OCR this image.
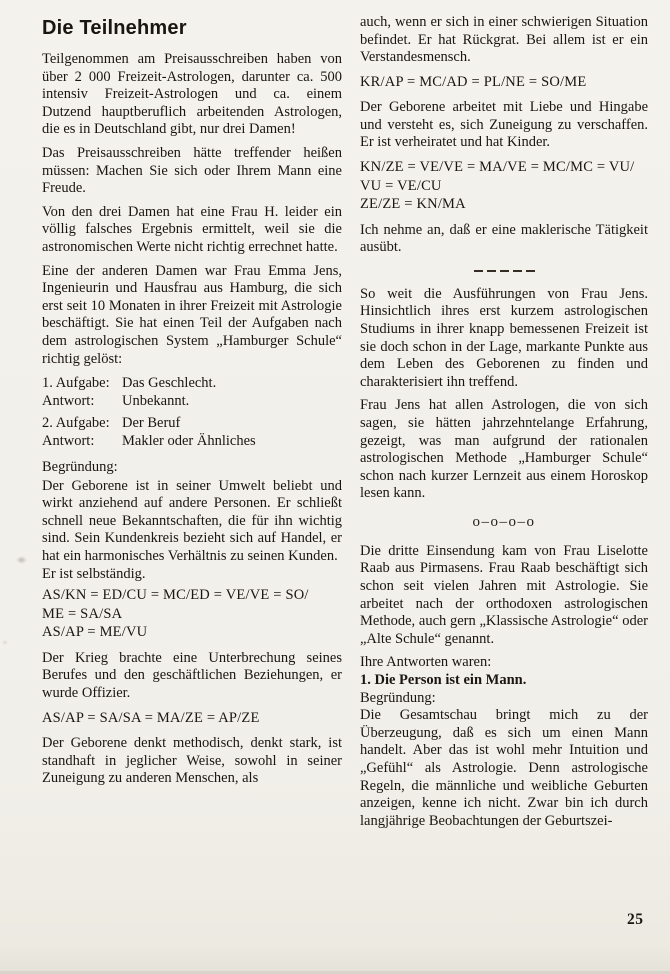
Die Teilnehmer

Teilgenommen am Preisausschreiben haben von über 2 000 Freizeit-Astrologen, darunter ca. 500 intensiv Freizeit-Astrologen und ca. einem Dutzend hauptberuflich arbeitenden Astrologen, die es in Deutschland gibt, nur drei Damen!

Das Preisausschreiben hätte treffender heißen müssen: Machen Sie sich oder Ihrem Mann eine Freude.

Von den drei Damen hat eine Frau H. leider ein völlig falsches Ergebnis ermittelt, weil sie die astronomischen Werte nicht richtig errechnet hatte.

Eine der anderen Damen war Frau Emma Jens, Ingenieurin und Hausfrau aus Hamburg, die sich erst seit 10 Monaten in ihrer Freizeit mit Astrologie beschäftigt. Sie hat einen Teil der Aufgaben nach dem astrologischen System „Hamburger Schule“ richtig gelöst:

1. Aufgabe: Das Geschlecht.
Antwort:	Unbekannt.
2. Aufgabe: Der Beruf
Antwort:	Makler oder Ähnliches

Begründung:

Der Geborene ist in seiner Umwelt beliebt und wirkt anziehend auf andere Personen. Er schließt schnell neue Bekanntschaften, die für ihn wichtig sind. Sein Kundenkreis bezieht sich auf Handel, er hat ein harmonisches Verhältnis zu seinen Kunden.

Er ist selbständig.

AS/KN = ED/CU = MC/ED = VE/VE = SO/
ME = SA/SA
AS/AP = ME/VU

Der Krieg brachte eine Unterbrechung seines Berufes und den geschäftlichen Beziehungen, er wurde Offizier.

AS/AP = SA/SA = MA/ZE = AP/ZE

Der Geborene denkt methodisch, denkt stark, ist standhaft in jeglicher Weise, sowohl in seiner Zuneigung zu anderen Menschen, als

auch, wenn er sich in einer schwierigen Situation befindet. Er hat Rückgrat. Bei allem ist er ein Verstandesmensch.

KR/AP = MC/AD = PL/NE = SO/ME

Der Geborene arbeitet mit Liebe und Hingabe und versteht es, sich Zuneigung zu verschaffen. Er ist verheiratet und hat Kinder.

KN/ZE = VE/VE = MA/VE = MC/MC = VU/
VU = VE/CU
ZE/ZE = KN/MA

Ich nehme an, daß er eine maklerische Tätigkeit ausübt.

So weit die Ausführungen von Frau Jens. Hinsichtlich ihres erst kurzem astrologischen Studiums in ihrer knapp bemessenen Freizeit ist sie doch schon in der Lage, markante Punkte aus dem Leben des Geborenen zu finden und charakterisiert ihn treffend.

Frau Jens hat allen Astrologen, die von sich sagen, sie hätten jahrzehntelange Erfahrung, gezeigt, was man aufgrund der rationalen astrologischen Methode „Hamburger Schule“ schon nach kurzer Lernzeit aus einem Horoskop lesen kann.

o–o–o–o

Die dritte Einsendung kam von Frau Liselotte Raab aus Pirmasens. Frau Raab beschäftigt sich schon seit vielen Jahren mit Astrologie. Sie arbeitet nach der orthodoxen astrologischen Methode, auch gern „Klassische Astrologie“ oder „Alte Schule“ genannt.

Ihre Antworten waren:

1. Die Person ist ein Mann.

Begründung:

Die Gesamtschau bringt mich zu der Überzeugung, daß es sich um einen Mann handelt. Aber das ist wohl mehr Intuition und „Gefühl“ als Astrologie. Denn astrologische Regeln, die männliche und weibliche Geburten anzeigen, kenne ich nicht. Zwar bin ich durch langjährige Beobachtungen der Geburtszei-

25
